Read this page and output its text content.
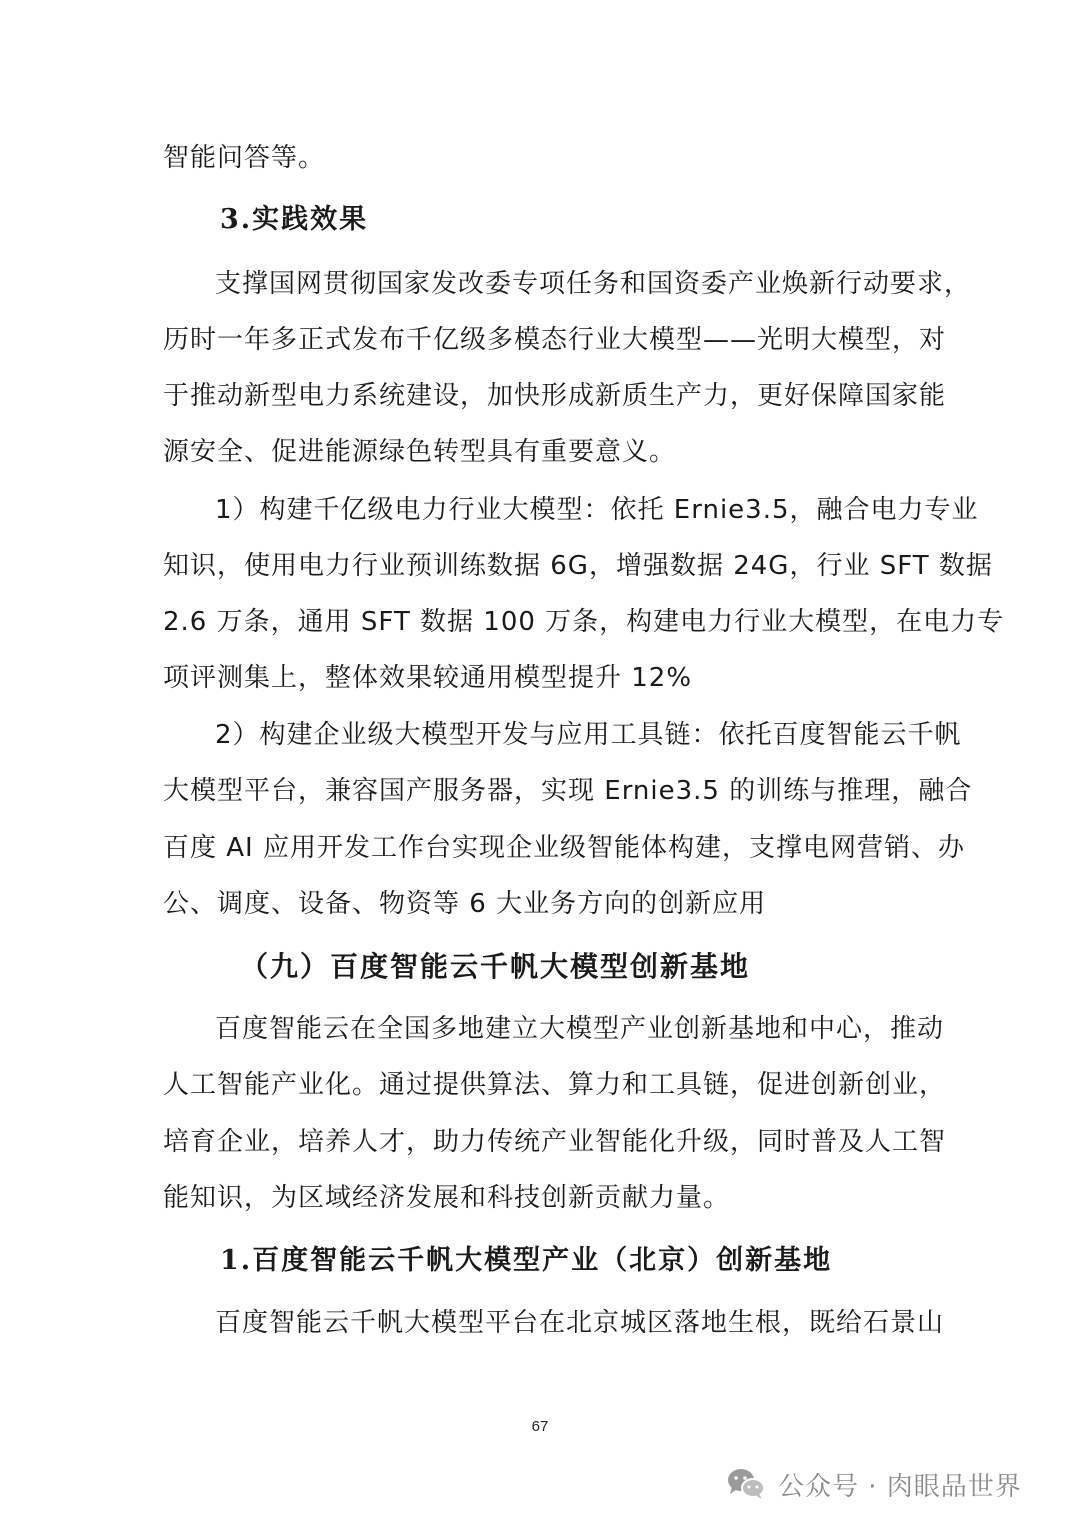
智能问答等。
3.实践效果
支撑国网贯彻国家发改委专项任务和国资委产业焕新行动要求，
历时一年多正式发布千亿级多模态行业大模型——光明大模型，对
于推动新型电力系统建设，加快形成新质生产力，更好保障国家能
源安全、促进能源绿色转型具有重要意义。
1）构建千亿级电力行业大模型：依托 Ernie3.5，融合电力专业
知识，使用电力行业预训练数据 6G，增强数据 24G，行业 SFT 数据
2.6 万条，通用 SFT 数据 100 万条，构建电力行业大模型，在电力专
项评测集上，整体效果较通用模型提升 12%
2）构建企业级大模型开发与应用工具链：依托百度智能云千帆
大模型平台，兼容国产服务器，实现 Ernie3.5 的训练与推理，融合
百度 AI 应用开发工作台实现企业级智能体构建，支撑电网营销、办
公、调度、设备、物资等 6 大业务方向的创新应用
（九）百度智能云千帆大模型创新基地
百度智能云在全国多地建立大模型产业创新基地和中心，推动
人工智能产业化。通过提供算法、算力和工具链，促进创新创业，
培育企业，培养人才，助力传统产业智能化升级，同时普及人工智
能知识，为区域经济发展和科技创新贡献力量。
1.百度智能云千帆大模型产业（北京）创新基地
百度智能云千帆大模型平台在北京城区落地生根，既给石景山
67
公众号 · 肉眼品世界
